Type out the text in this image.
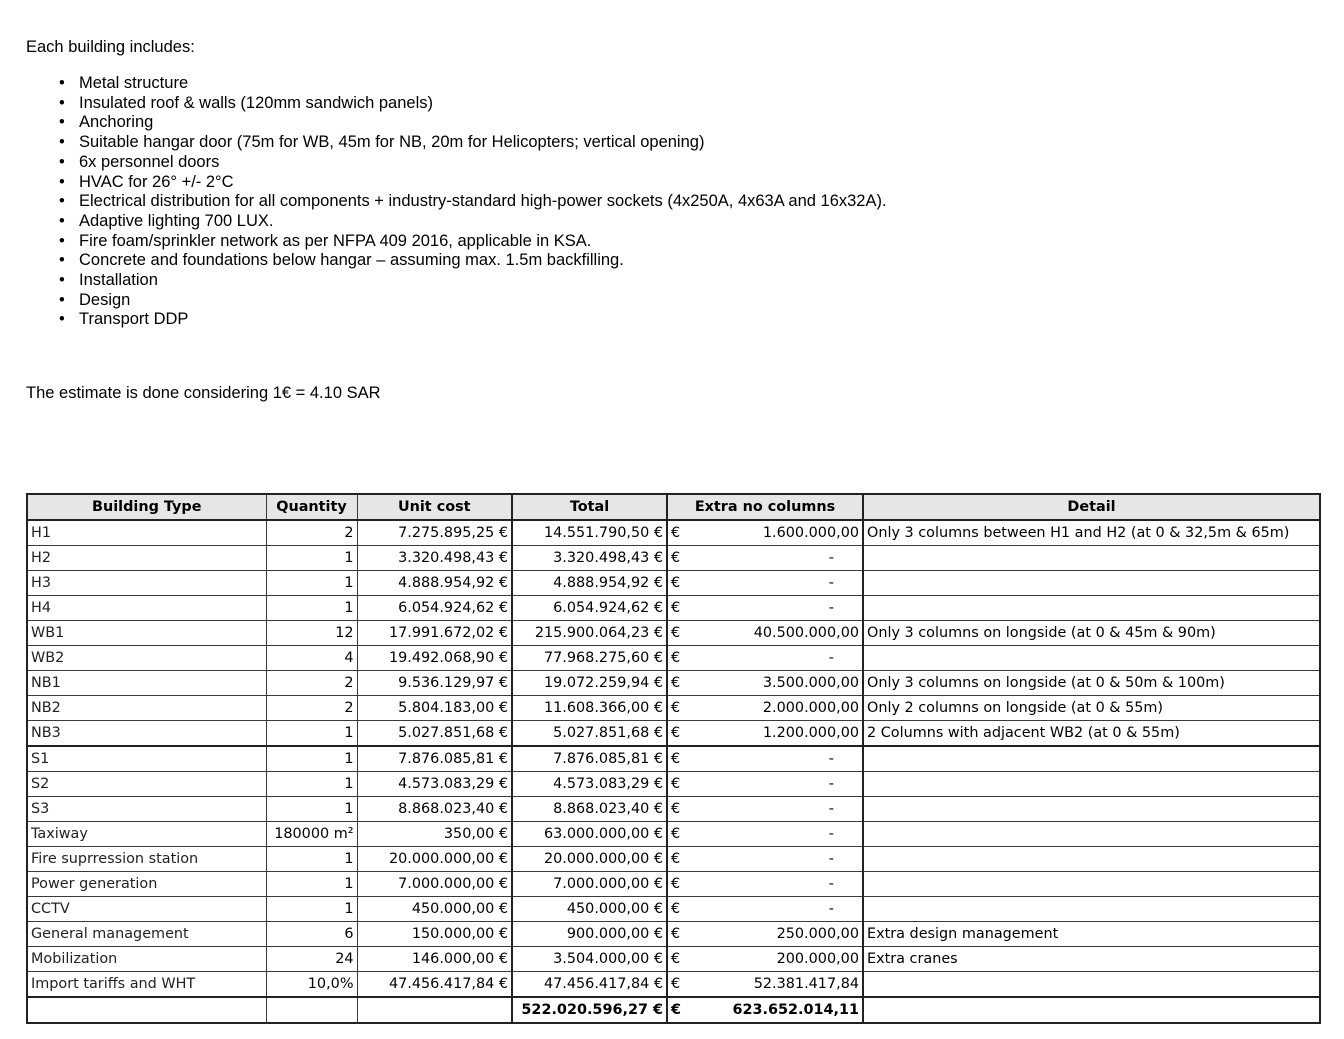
Each building includes:
• Metal structure
• Insulated roof & walls (120mm sandwich panels)
• Anchoring
• Suitable hangar door (75m for WB, 45m for NB, 20m for Helicopters; vertical opening)
• 6x personnel doors
• HVAC for 26° +/- 2°C
• Electrical distribution for all components + industry-standard high-power sockets (4x250A, 4x63A and 16x32A).
• Adaptive lighting 700 LUX.
• Fire foam/sprinkler network as per NFPA 409 2016, applicable in KSA.
• Concrete and foundations below hangar – assuming max. 1.5m backfilling.
• Installation
• Design
• Transport DDP
The estimate is done considering 1€ = 4.10 SAR
Building Type	Quantity	Unit cost	Total	Extra no columns		Detail
H1	2	7.275.895,25 €	14.551.790,50 €	€	1.600.000,00	Only 3 columns between H1 and H2 (at 0 & 32,5m & 65m)
H2	1	3.320.498,43 €	3.320.498,43 €	€	-	
H3	1	4.888.954,92 €	4.888.954,92 €	€	-	
H4	1	6.054.924,62 €	6.054.924,62 €	€	-	
WB1	12	17.991.672,02 €	215.900.064,23 €	€	40.500.000,00	Only 3 columns on longside (at 0 & 45m & 90m)
WB2	4	19.492.068,90 €	77.968.275,60 €	€	-	
NB1	2	9.536.129,97 €	19.072.259,94 €	€	3.500.000,00	Only 3 columns on longside (at 0 & 50m & 100m)
NB2	2	5.804.183,00 €	11.608.366,00 €	€	2.000.000,00	Only 2 columns on longside (at 0 & 55m)
NB3	1	5.027.851,68 €	5.027.851,68 €	€	1.200.000,00	2 Columns with adjacent WB2 (at 0 & 55m)
S1	1	7.876.085,81 €	7.876.085,81 €	€	-	
S2	1	4.573.083,29 €	4.573.083,29 €	€	-	
S3	1	8.868.023,40 €	8.868.023,40 €	€	-	
Taxiway	180000 m²	350,00 €	63.000.000,00 €	€	-	
Fire suprression station	1	20.000.000,00 €	20.000.000,00 €	€	-	
Power generation	1	7.000.000,00 €	7.000.000,00 €	€	-	
CCTV	1	450.000,00 €	450.000,00 €	€	-	
General management	6	150.000,00 €	900.000,00 €	€	250.000,00	Extra design management
Mobilization	24	146.000,00 €	3.504.000,00 €	€	200.000,00	Extra cranes
Import tariffs and WHT	10,0%	47.456.417,84 €	47.456.417,84 €	€	52.381.417,84	
			522.020.596,27 €	€	623.652.014,11	
